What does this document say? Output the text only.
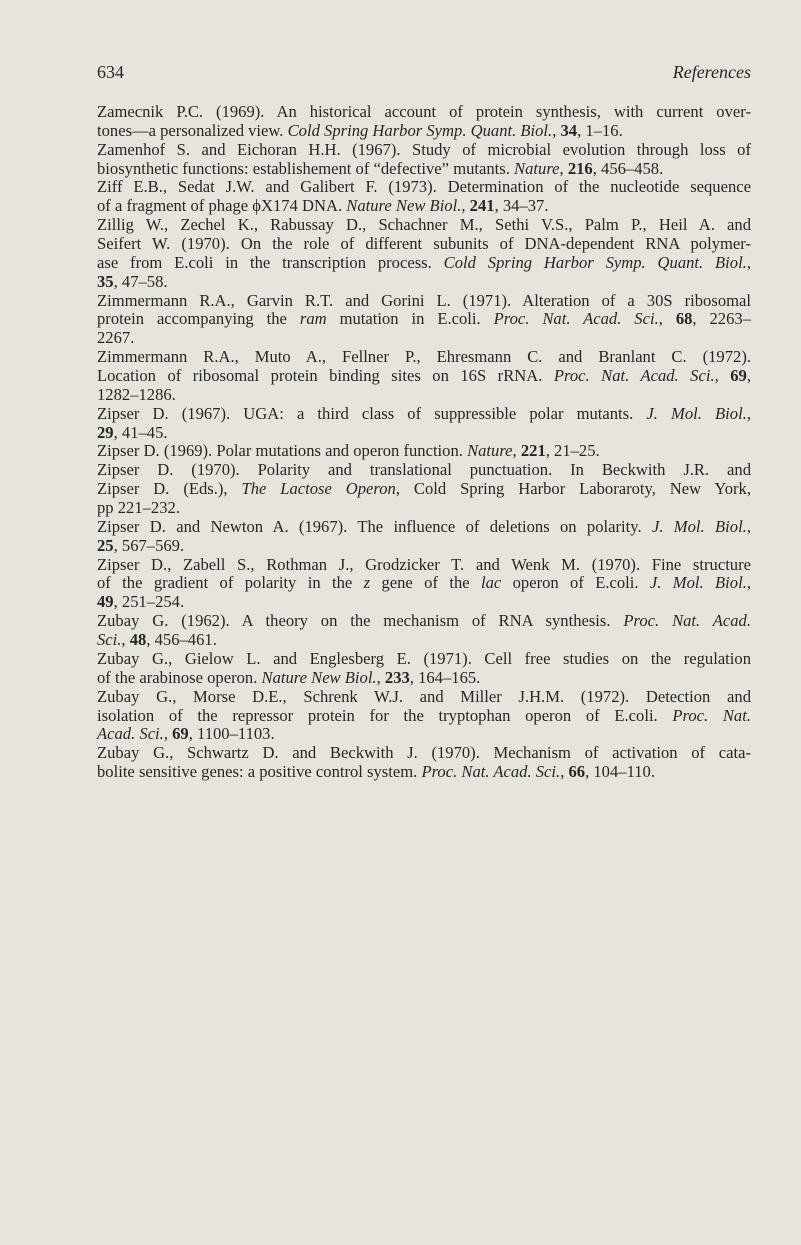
634	References
Zamecnik P.C. (1969). An historical account of protein synthesis, with current over-
tones—a personalized view. Cold Spring Harbor Symp. Quant. Biol., 34, 1–16.
Zamenhof S. and Eichoran H.H. (1967). Study of microbial evolution through loss of
biosynthetic functions: establishement of “defective” mutants. Nature, 216, 456–458.
Ziff E.B., Sedat J.W. and Galibert F. (1973). Determination of the nucleotide sequence
of a fragment of phage ϕX174 DNA. Nature New Biol., 241, 34–37.
Zillig W., Zechel K., Rabussay D., Schachner M., Sethi V.S., Palm P., Heil A. and
Seifert W. (1970). On the role of different subunits of DNA-dependent RNA polymer-
ase from E.coli in the transcription process. Cold Spring Harbor Symp. Quant. Biol.,
35, 47–58.
Zimmermann R.A., Garvin R.T. and Gorini L. (1971). Alteration of a 30S ribosomal
protein accompanying the ram mutation in E.coli. Proc. Nat. Acad. Sci., 68, 2263–
2267.
Zimmermann R.A., Muto A., Fellner P., Ehresmann C. and Branlant C. (1972).
Location of ribosomal protein binding sites on 16S rRNA. Proc. Nat. Acad. Sci., 69,
1282–1286.
Zipser D. (1967). UGA: a third class of suppressible polar mutants. J. Mol. Biol.,
29, 41–45.
Zipser D. (1969). Polar mutations and operon function. Nature, 221, 21–25.
Zipser D. (1970). Polarity and translational punctuation. In Beckwith J.R. and
Zipser D. (Eds.), The Lactose Operon, Cold Spring Harbor Laboraroty, New York,
pp 221–232.
Zipser D. and Newton A. (1967). The influence of deletions on polarity. J. Mol. Biol.,
25, 567–569.
Zipser D., Zabell S., Rothman J., Grodzicker T. and Wenk M. (1970). Fine structure
of the gradient of polarity in the z gene of the lac operon of E.coli. J. Mol. Biol.,
49, 251–254.
Zubay G. (1962). A theory on the mechanism of RNA synthesis. Proc. Nat. Acad.
Sci., 48, 456–461.
Zubay G., Gielow L. and Englesberg E. (1971). Cell free studies on the regulation
of the arabinose operon. Nature New Biol., 233, 164–165.
Zubay G., Morse D.E., Schrenk W.J. and Miller J.H.M. (1972). Detection and
isolation of the repressor protein for the tryptophan operon of E.coli. Proc. Nat.
Acad. Sci., 69, 1100–1103.
Zubay G., Schwartz D. and Beckwith J. (1970). Mechanism of activation of cata-
bolite sensitive genes: a positive control system. Proc. Nat. Acad. Sci., 66, 104–110.
